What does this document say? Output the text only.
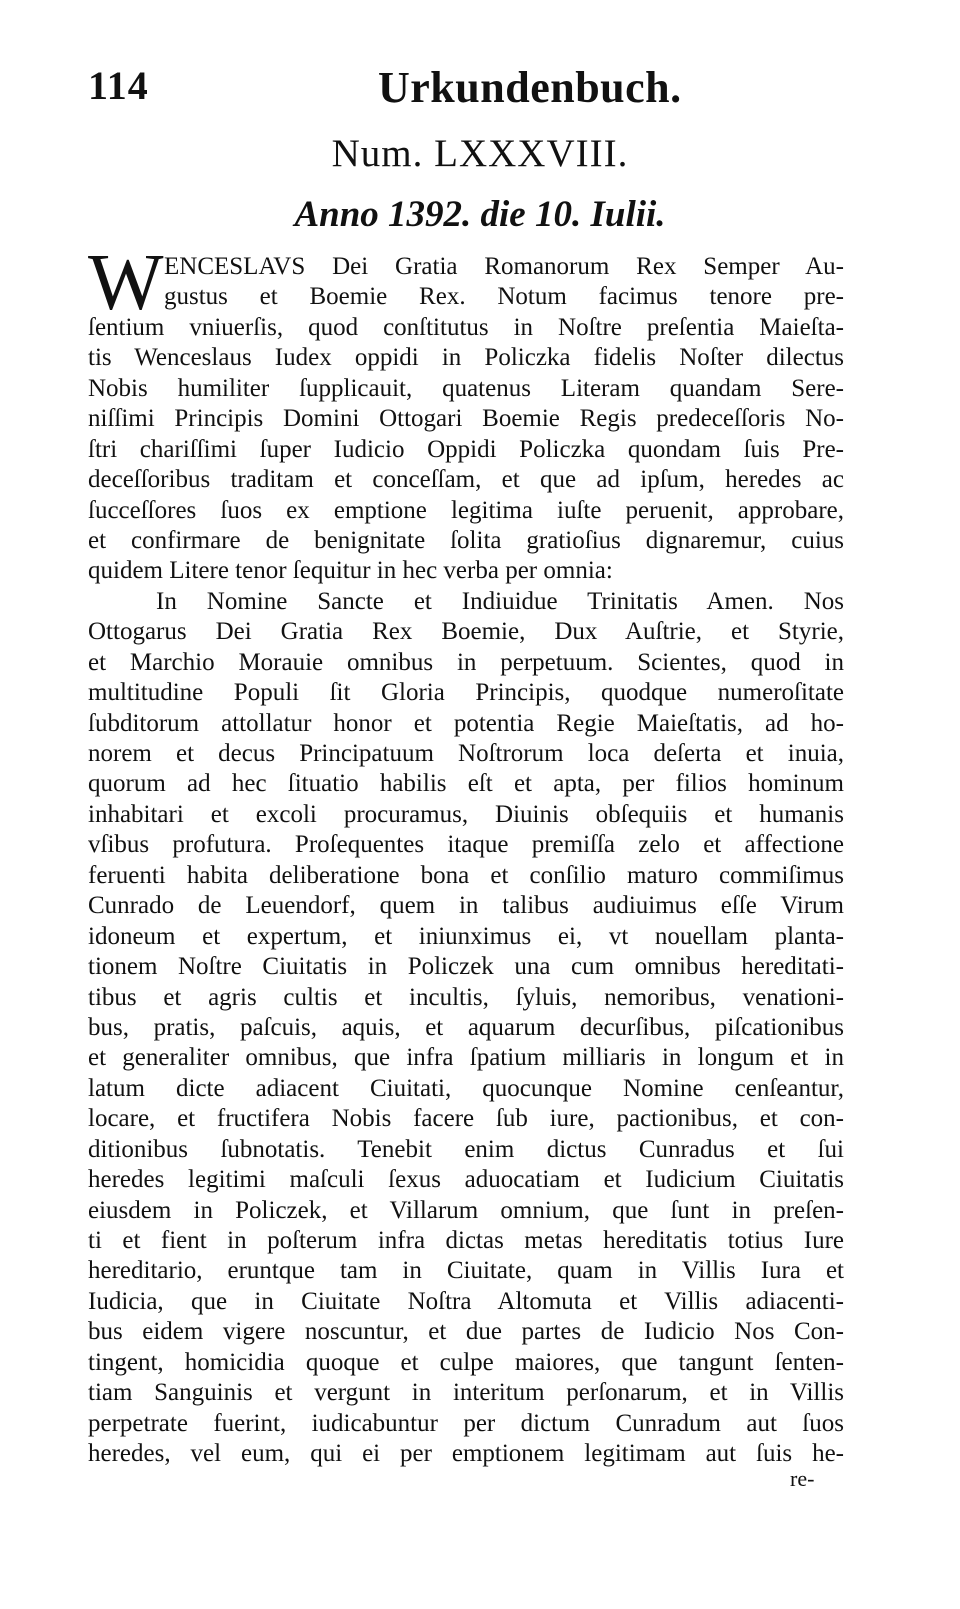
114	Urkundenbuch.
Num. LXXXVIII.
Anno 1392. die 10. Iulii.
W ENCESLAVS Dei Gratia Romanorum Rex Semper Au-
gustus et Boemie Rex. Notum facimus tenore pre-
ſentium vniuerſis, quod conſtitutus in Noſtre preſentia Maieſta-
tis Wenceslaus Iudex oppidi in Policzka fidelis Noſter dilectus
Nobis humiliter ſupplicauit, quatenus Literam quandam Sere-
niſſimi Principis Domini Ottogari Boemie Regis predeceſſoris No-
ſtri chariſſimi ſuper Iudicio Oppidi Policzka quondam ſuis Pre-
deceſſoribus traditam et conceſſam, et que ad ipſum, heredes ac
ſucceſſores ſuos ex emptione legitima iuſte peruenit, approbare,
et confirmare de benignitate ſolita gratioſius dignaremur, cuius
quidem Litere tenor ſequitur in hec verba per omnia:
In Nomine Sancte et Indiuidue Trinitatis Amen. Nos
Ottogarus Dei Gratia Rex Boemie, Dux Auſtrie, et Styrie,
et Marchio Morauie omnibus in perpetuum. Scientes, quod in
multitudine Populi ſit Gloria Principis, quodque numeroſitate
ſubditorum attollatur honor et potentia Regie Maieſtatis, ad ho-
norem et decus Principatuum Noſtrorum loca deſerta et inuia,
quorum ad hec ſituatio habilis eſt et apta, per filios hominum
inhabitari et excoli procuramus, Diuinis obſequiis et humanis
vſibus profutura. Proſequentes itaque premiſſa zelo et affectione
feruenti habita deliberatione bona et conſilio maturo commiſimus
Cunrado de Leuendorf, quem in talibus audiuimus eſſe Virum
idoneum et expertum, et iniunximus ei, vt nouellam planta-
tionem Noſtre Ciuitatis in Policzek una cum omnibus hereditati-
tibus et agris cultis et incultis, ſyluis, nemoribus, venationi-
bus, pratis, paſcuis, aquis, et aquarum decurſibus, piſcationibus
et generaliter omnibus, que infra ſpatium milliaris in longum et in
latum dicte adiacent Ciuitati, quocunque Nomine cenſeantur,
locare, et fructifera Nobis facere ſub iure, pactionibus, et con-
ditionibus ſubnotatis. Tenebit enim dictus Cunradus et ſui
heredes legitimi maſculi ſexus aduocatiam et Iudicium Ciuitatis
eiusdem in Policzek, et Villarum omnium, que ſunt in preſen-
ti et fient in poſterum infra dictas metas hereditatis totius Iure
hereditario, eruntque tam in Ciuitate, quam in Villis Iura et
Iudicia, que in Ciuitate Noſtra Altomuta et Villis adiacenti-
bus eidem vigere noscuntur, et due partes de Iudicio Nos Con-
tingent, homicidia quoque et culpe maiores, que tangunt ſenten-
tiam Sanguinis et vergunt in interitum perſonarum, et in Villis
perpetrate fuerint, iudicabuntur per dictum Cunradum aut ſuos
heredes, vel eum, qui ei per emptionem legitimam aut ſuis he-
re-
